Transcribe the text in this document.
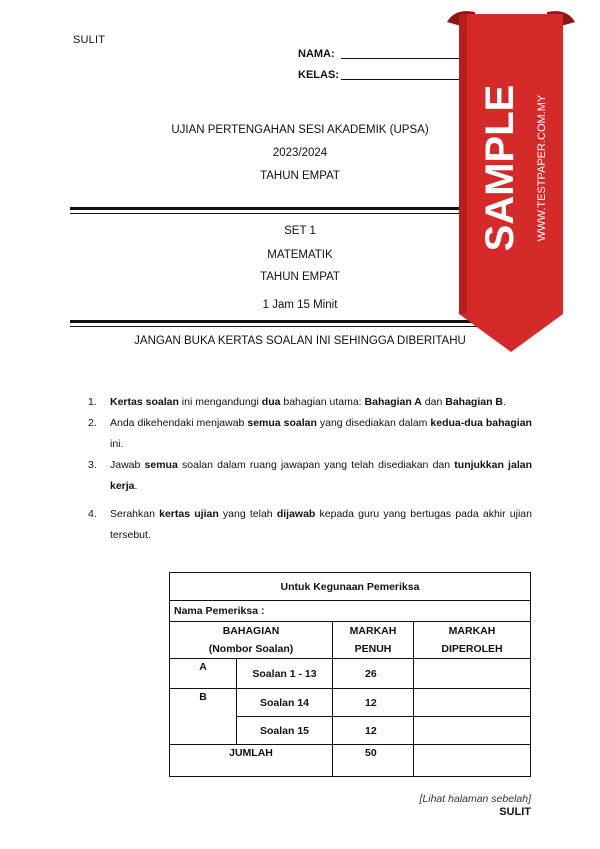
SULIT
NAMA:
KELAS:
UJIAN PERTENGAHAN SESI AKADEMIK (UPSA)
2023/2024
TAHUN EMPAT
SET 1
MATEMATIK
TAHUN EMPAT
1 Jam 15 Minit
JANGAN BUKA KERTAS SOALAN INI SEHINGGA DIBERITAHU
SAMPLE WWW.TESTPAPER.COM.MY
1. Kertas soalan ini mengandungi dua bahagian utama: Bahagian A dan Bahagian B.
2. Anda dikehendaki menjawab semua soalan yang disediakan dalam kedua-dua bahagian ini.
3. Jawab semua soalan dalam ruang jawapan yang telah disediakan dan tunjukkan jalan kerja.
4. Serahkan kertas ujian yang telah dijawab kepada guru yang bertugas pada akhir ujian tersebut.
Untuk Kegunaan Pemeriksa			
Nama Pemeriksa :			
BAHAGIAN		MARKAH	MARKAH
(Nombor Soalan)		PENUH	DIPEROLEH
A	Soalan 1 - 13	26	
B	Soalan 14	12	
	Soalan 15	12	
JUMLAH		50	
[Lihat halaman sebelah]
SULIT
